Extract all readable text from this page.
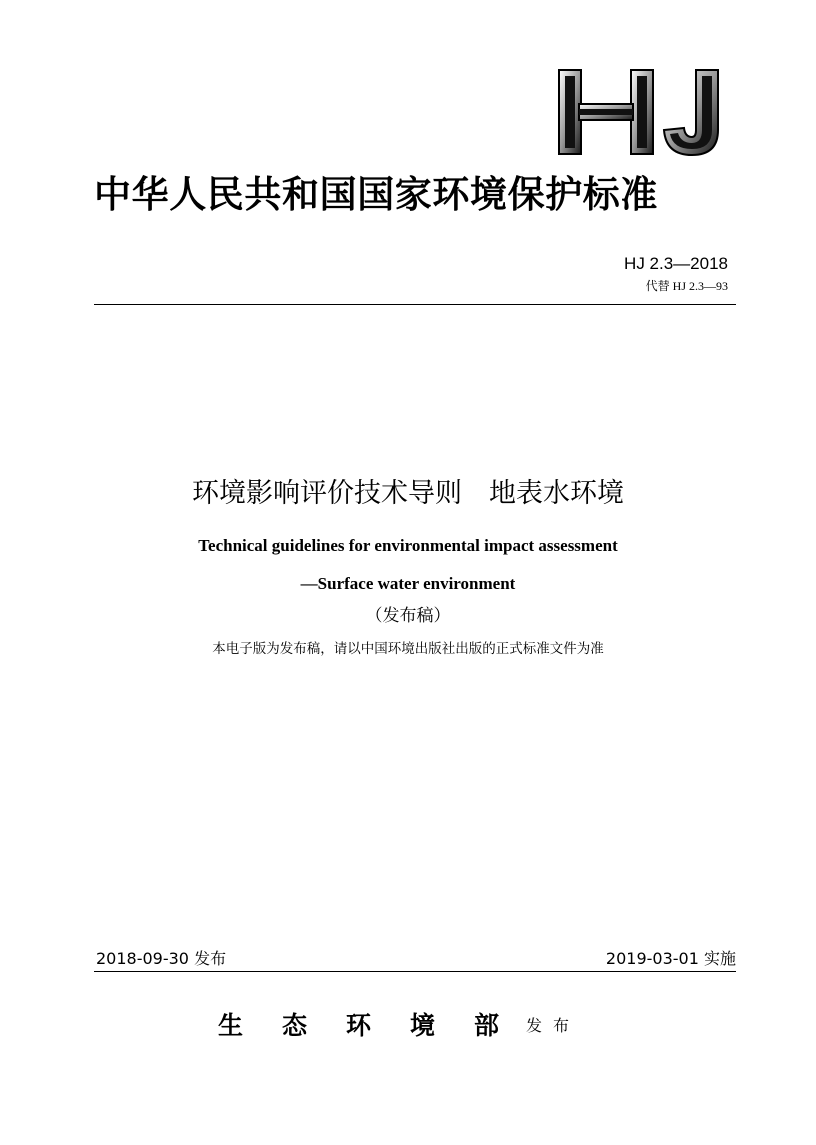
中华人民共和国国家环境保护标准
HJ 2.3—2018
代替 HJ 2.3—93
环境影响评价技术导则　地表水环境
Technical guidelines for environmental impact assessment
—Surface water environment
（发布稿）
本电子版为发布稿，请以中国环境出版社出版的正式标准文件为准
2018-09-30 发布	2019-03-01 实施
生态环境部发布
